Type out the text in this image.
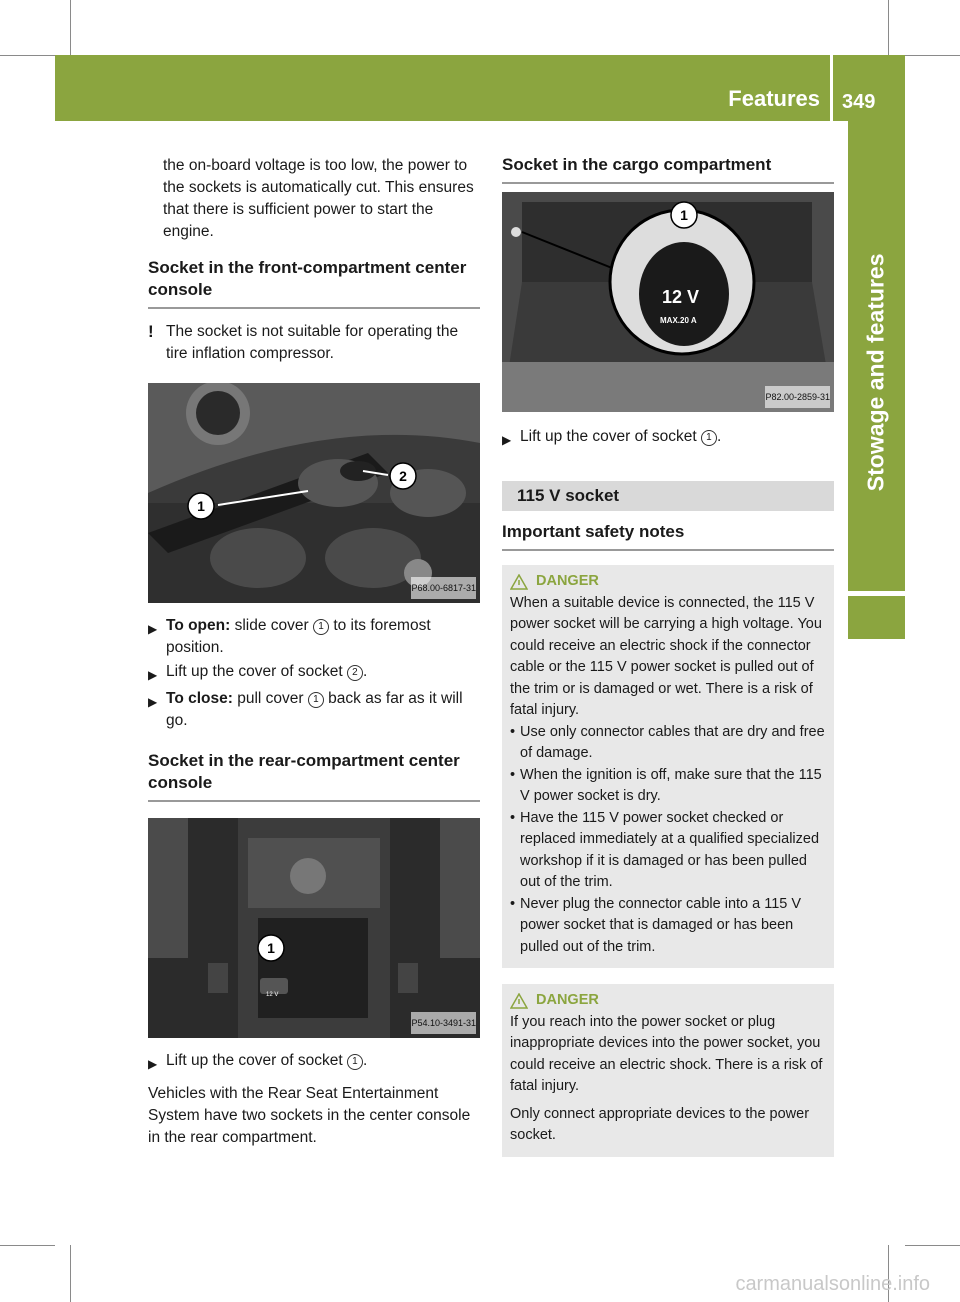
Features 349
Stowage and features

the on-board voltage is too low, the power to the sockets is automatically cut. This ensures that there is sufficient power to start the engine.

Socket in the front-compartment center console
! The socket is not suitable for operating the tire inflation compressor.
1
2
P68.00-6817-31
▶ To open: slide cover 1 to its foremost position.
▶ Lift up the cover of socket 2 .
▶ To close: pull cover 1 back as far as it will go.
Socket in the rear-compartment center console
12 V
1
P54.10-3491-31
▶ Lift up the cover of socket 1 .

Vehicles with the Rear Seat Entertainment System have two sockets in the center console in the rear compartment.

Socket in the cargo compartment
12 V
MAX.20 A
1
P82.00-2859-31
▶ Lift up the cover of socket 1 .
115 V socket
Important safety notes
DANGER

When a suitable device is connected, the 115 V power socket will be carrying a high voltage. You could receive an electric shock if the connector cable or the 115 V power socket is pulled out of the trim or is damaged or wet. There is a risk of fatal injury.

• Use only connector cables that are dry and free of damage.
• When the ignition is off, make sure that the 115 V power socket is dry.
• Have the 115 V power socket checked or replaced immediately at a qualified specialized workshop if it is damaged or has been pulled out of the trim.
• Never plug the connector cable into a 115 V power socket that is damaged or has been pulled out of the trim.
DANGER

If you reach into the power socket or plug inappropriate devices into the power socket, you could receive an electric shock. There is a risk of fatal injury.

Only connect appropriate devices to the power socket.

carmanualsonline.info
